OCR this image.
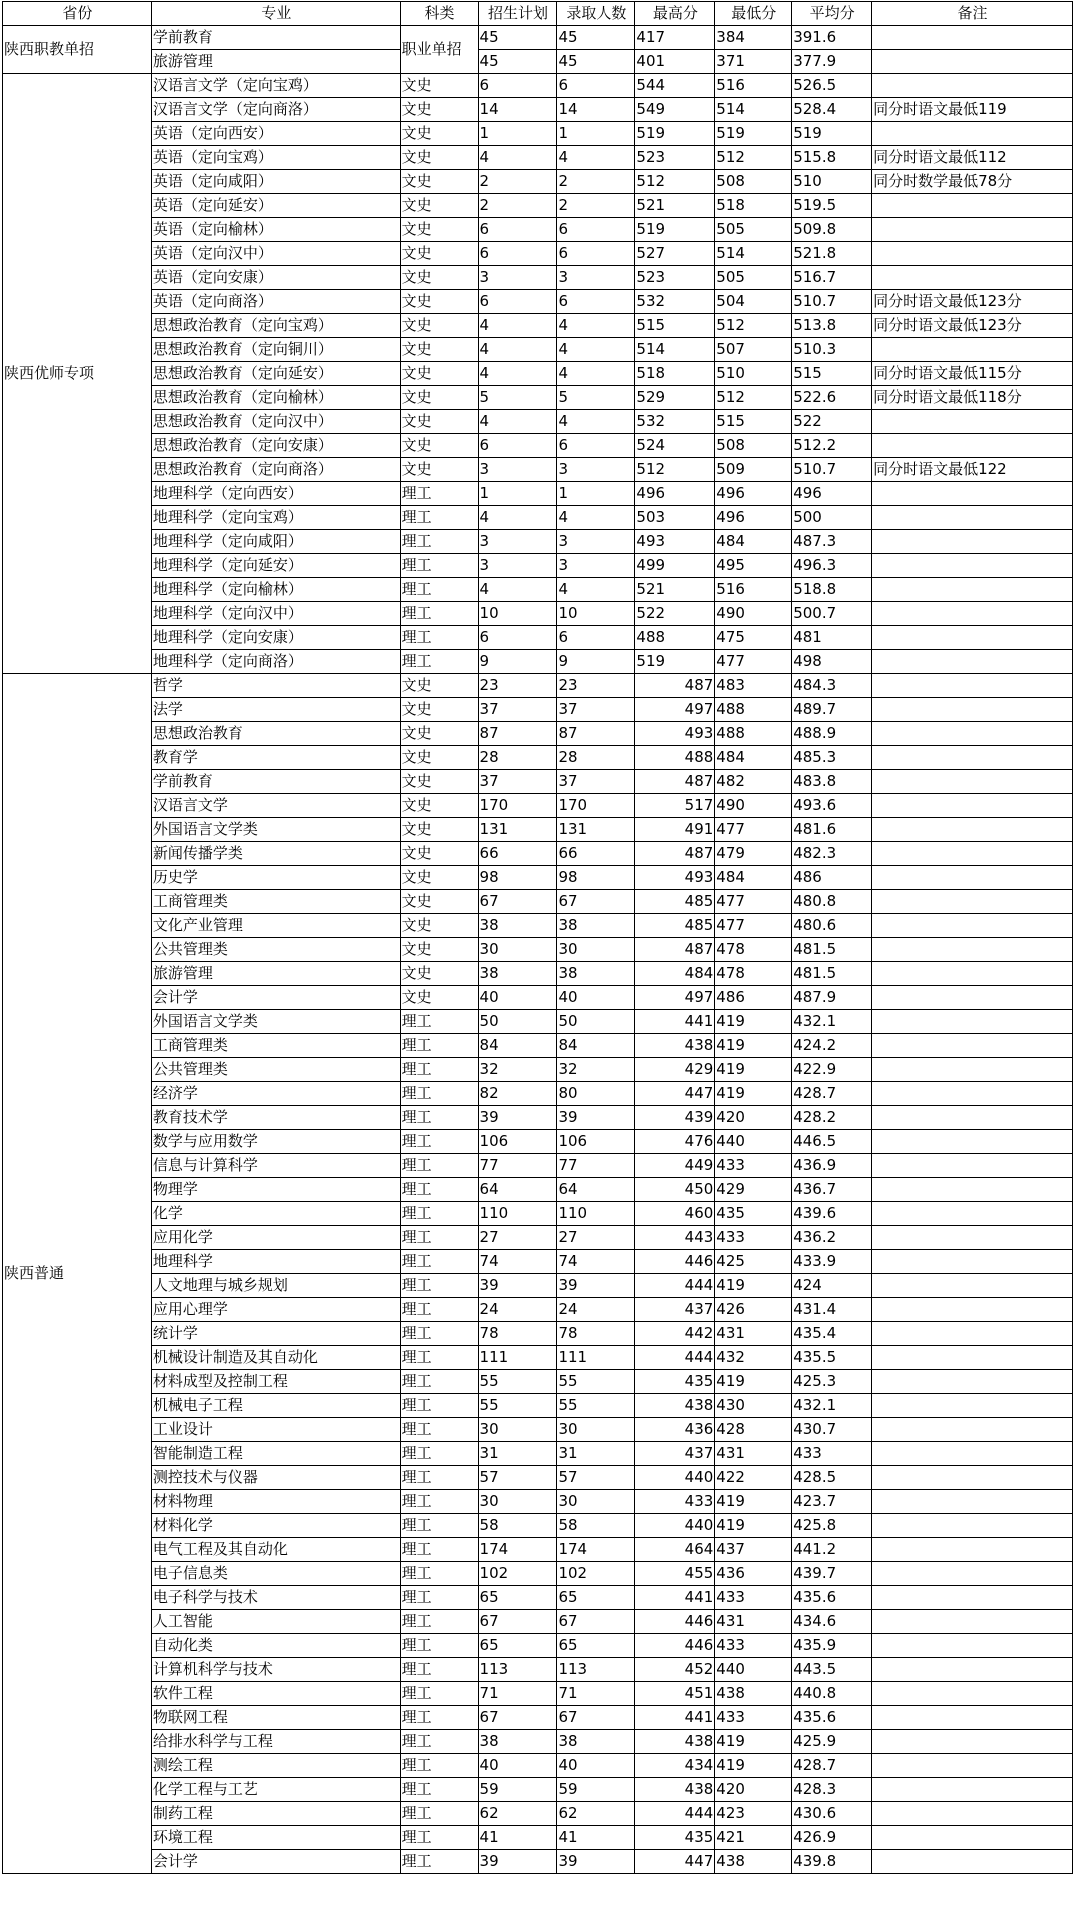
省份	专业	科类	招生计划	录取人数	最高分	最低分	平均分	备注
陕西职教单招	学前教育	职业单招	45	45	417	384	391.6	
	旅游管理		45	45	401	371	377.9	
陕西优师专项	汉语言文学（定向宝鸡）	文史	6	6	544	516	526.5	
	汉语言文学（定向商洛）	文史	14	14	549	514	528.4	同分时语文最低119
	英语（定向西安）	文史	1	1	519	519	519	
	英语（定向宝鸡）	文史	4	4	523	512	515.8	同分时语文最低112
	英语（定向咸阳）	文史	2	2	512	508	510	同分时数学最低78分
	英语（定向延安）	文史	2	2	521	518	519.5	
	英语（定向榆林）	文史	6	6	519	505	509.8	
	英语（定向汉中）	文史	6	6	527	514	521.8	
	英语（定向安康）	文史	3	3	523	505	516.7	
	英语（定向商洛）	文史	6	6	532	504	510.7	同分时语文最低123分
	思想政治教育（定向宝鸡）	文史	4	4	515	512	513.8	同分时语文最低123分
	思想政治教育（定向铜川）	文史	4	4	514	507	510.3	
	思想政治教育（定向延安）	文史	4	4	518	510	515	同分时语文最低115分
	思想政治教育（定向榆林）	文史	5	5	529	512	522.6	同分时语文最低118分
	思想政治教育（定向汉中）	文史	4	4	532	515	522	
	思想政治教育（定向安康）	文史	6	6	524	508	512.2	
	思想政治教育（定向商洛）	文史	3	3	512	509	510.7	同分时语文最低122
	地理科学（定向西安）	理工	1	1	496	496	496	
	地理科学（定向宝鸡）	理工	4	4	503	496	500	
	地理科学（定向咸阳）	理工	3	3	493	484	487.3	
	地理科学（定向延安）	理工	3	3	499	495	496.3	
	地理科学（定向榆林）	理工	4	4	521	516	518.8	
	地理科学（定向汉中）	理工	10	10	522	490	500.7	
	地理科学（定向安康）	理工	6	6	488	475	481	
	地理科学（定向商洛）	理工	9	9	519	477	498	
陕西普通	哲学	文史	23	23	487	483	484.3	
	法学	文史	37	37	497	488	489.7	
	思想政治教育	文史	87	87	493	488	488.9	
	教育学	文史	28	28	488	484	485.3	
	学前教育	文史	37	37	487	482	483.8	
	汉语言文学	文史	170	170	517	490	493.6	
	外国语言文学类	文史	131	131	491	477	481.6	
	新闻传播学类	文史	66	66	487	479	482.3	
	历史学	文史	98	98	493	484	486	
	工商管理类	文史	67	67	485	477	480.8	
	文化产业管理	文史	38	38	485	477	480.6	
	公共管理类	文史	30	30	487	478	481.5	
	旅游管理	文史	38	38	484	478	481.5	
	会计学	文史	40	40	497	486	487.9	
	外国语言文学类	理工	50	50	441	419	432.1	
	工商管理类	理工	84	84	438	419	424.2	
	公共管理类	理工	32	32	429	419	422.9	
	经济学	理工	82	80	447	419	428.7	
	教育技术学	理工	39	39	439	420	428.2	
	数学与应用数学	理工	106	106	476	440	446.5	
	信息与计算科学	理工	77	77	449	433	436.9	
	物理学	理工	64	64	450	429	436.7	
	化学	理工	110	110	460	435	439.6	
	应用化学	理工	27	27	443	433	436.2	
	地理科学	理工	74	74	446	425	433.9	
	人文地理与城乡规划	理工	39	39	444	419	424	
	应用心理学	理工	24	24	437	426	431.4	
	统计学	理工	78	78	442	431	435.4	
	机械设计制造及其自动化	理工	111	111	444	432	435.5	
	材料成型及控制工程	理工	55	55	435	419	425.3	
	机械电子工程	理工	55	55	438	430	432.1	
	工业设计	理工	30	30	436	428	430.7	
	智能制造工程	理工	31	31	437	431	433	
	测控技术与仪器	理工	57	57	440	422	428.5	
	材料物理	理工	30	30	433	419	423.7	
	材料化学	理工	58	58	440	419	425.8	
	电气工程及其自动化	理工	174	174	464	437	441.2	
	电子信息类	理工	102	102	455	436	439.7	
	电子科学与技术	理工	65	65	441	433	435.6	
	人工智能	理工	67	67	446	431	434.6	
	自动化类	理工	65	65	446	433	435.9	
	计算机科学与技术	理工	113	113	452	440	443.5	
	软件工程	理工	71	71	451	438	440.8	
	物联网工程	理工	67	67	441	433	435.6	
	给排水科学与工程	理工	38	38	438	419	425.9	
	测绘工程	理工	40	40	434	419	428.7	
	化学工程与工艺	理工	59	59	438	420	428.3	
	制药工程	理工	62	62	444	423	430.6	
	环境工程	理工	41	41	435	421	426.9	
	会计学	理工	39	39	447	438	439.8	
